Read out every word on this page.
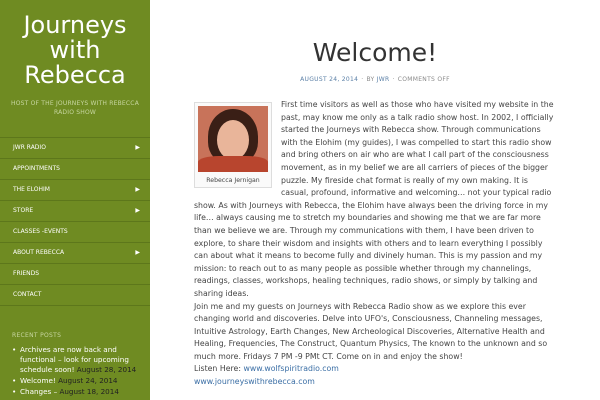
Journeys
with
Rebecca
HOST OF THE JOURNEYS WITH REBECCA RADIO SHOW
JWR RADIO	▶
APPOINTMENTS
THE ELOHIM	▶
STORE	▶
CLASSES -EVENTS
ABOUT REBECCA	▶
FRIENDS
CONTACT
RECENT POSTS
• Archives are now back and functional – look for upcoming schedule soon! August 28, 2014
• Welcome! August 24, 2014
• Changes – August 18, 2014
Welcome!
AUGUST 24, 2014 · BY JWR · COMMENTS OFF
Rebecca Jernigan

First time visitors as well as those who have visited my website in the past, may know me only as a talk radio show host. In 2002, I officially started the Journeys with Rebecca show. Through communications with the Elohim (my guides), I was compelled to start this radio show and bring others on air who are what I call part of the consciousness movement, as in my belief we are all carriers of pieces of the bigger puzzle. My fireside chat format is really of my own making. It is casual, profound, informative and welcoming… not your typical radio show. As with Journeys with Rebecca, the Elohim have always been the driving force in my life… always causing me to stretch my boundaries and showing me that we are far more than we believe we are. Through my communications with them, I have been driven to explore, to share their wisdom and insights with others and to learn everything I possibly can about what it means to become fully and divinely human. This is my passion and my mission: to reach out to as many people as possible whether through my channelings, readings, classes, workshops, healing techniques, radio shows, or simply by talking and sharing ideas.

Join me and my guests on Journeys with Rebecca Radio show as we explore this ever changing world and discoveries. Delve into UFO's, Consciousness, Channeling messages, Intuitive Astrology, Earth Changes, New Archeological Discoveries, Alternative Health and Healing, Frequencies, The Construct, Quantum Physics, The known to the unknown and so much more. Fridays 7 PM -9 PMt CT. Come on in and enjoy the show!

Listen Here: www.wolfspiritradio.com

www.journeyswithrebecca.com
